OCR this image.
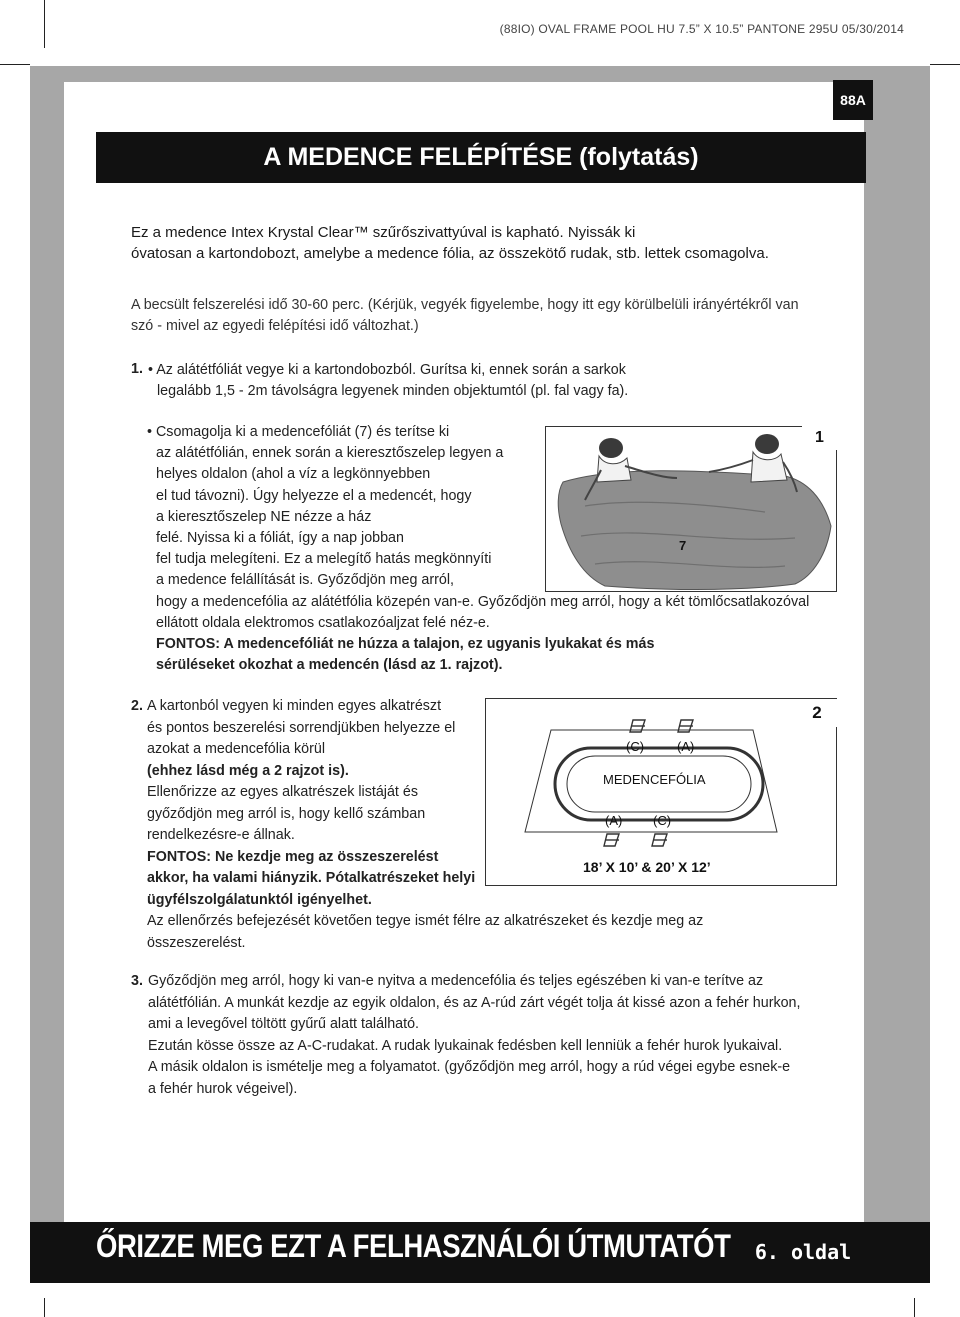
(88IO) OVAL FRAME POOL HU 7.5” X 10.5” PANTONE 295U 05/30/2014
Magyar	88A
A MEDENCE FELÉPÍTÉSE (folytatás)
Ez a medence Intex Krystal Clear™ szűrőszivattyúval is kapható. Nyissák ki
óvatosan a kartondobozt, amelybe a medence fólia, az összekötő rudak, stb. lettek csomagolva.
A becsült felszerelési idő 30-60 perc. (Kérjük, vegyék figyelembe, hogy itt egy körülbelüli irányértékről van
szó - mivel az egyedi felépítési idő változhat.)
1. • Az alátétfóliát vegye ki a kartondobozból. Gurítsa ki, ennek során a sarkok
legalább 1,5 - 2m távolságra legyenek minden objektumtól (pl. fal vagy fa).
• Csomagolja ki a medencefóliát (7) és terítse ki
az alátétfólián, ennek során a kieresztőszelep legyen a
helyes oldalon (ahol a víz a legkönnyebben
el tud távozni). Úgy helyezze el a medencét, hogy
a kieresztőszelep NE nézze a ház
felé. Nyissa ki a fóliát, így a nap jobban
fel tudja melegíteni. Ez a melegítő hatás megkönnyíti
a medence felállítását is. Győződjön meg arról,
hogy a medencefólia az alátétfólia közepén van-e. Győződjön meg arról, hogy a két tömlőcsatlakozóval
ellátott oldala elektromos csatlakozóaljzat felé néz-e.
FONTOS: A medencefóliát ne húzza a talajon, ez ugyanis lyukakat és más
sérüléseket okozhat a medencén (lásd az 1. rajzot).
7
1
2. A kartonból vegyen ki minden egyes alkatrészt
és pontos beszerelési sorrendjükben helyezze el
azokat a medencefólia körül
(ehhez lásd még a 2 rajzot is).
Ellenőrizze az egyes alkatrészek listáját és
győződjön meg arról is, hogy kellő számban
rendelkezésre-e állnak.
FONTOS: Ne kezdje meg az összeszerelést
akkor, ha valami hiányzik. Pótalkatrészeket helyi
ügyfélszolgálatunktól igényelhet.
Az ellenőrzés befejezését követően tegye ismét félre az alkatrészeket és kezdje meg az
összeszerelést.
(C)	(A)
MEDENCEFÓLIA
(A) (C)
18’ X 10’ & 20’ X 12’
2
3. Győződjön meg arról, hogy ki van-e nyitva a medencefólia és teljes egészében ki van-e terítve az
alátétfólián. A munkát kezdje az egyik oldalon, és az A-rúd zárt végét tolja át kissé azon a fehér hurkon,
ami a levegővel töltött gyűrű alatt található.
Ezután kösse össze az A-C-rudakat. A rudak lyukainak fedésben kell lenniük a fehér hurok lyukaival.
A másik oldalon is ismételje meg a folyamatot. (győződjön meg arról, hogy a rúd végei egybe esnek-e
a fehér hurok végeivel).
ŐRIZZE MEG EZT A FELHASZNÁLÓI ÚTMUTATÓT	6. oldal
